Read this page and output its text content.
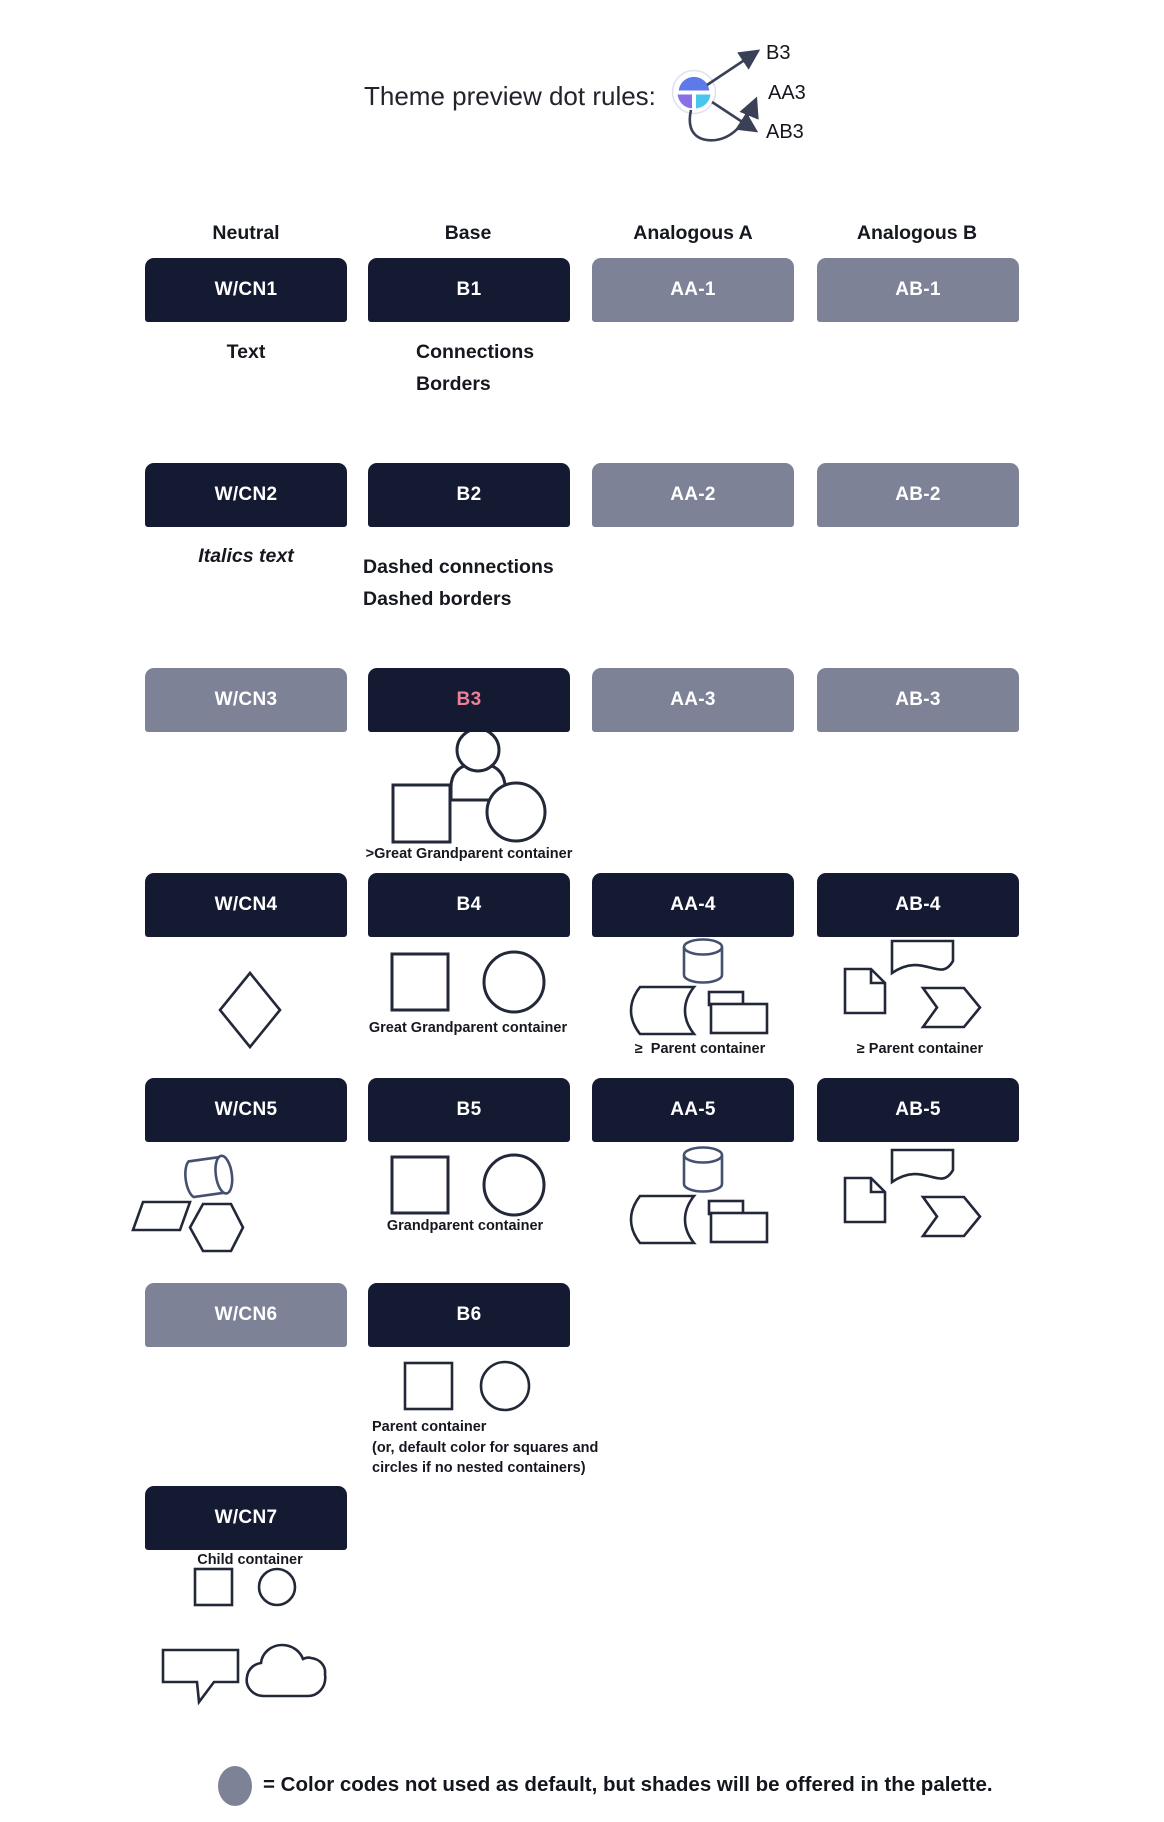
Theme preview dot rules:
B3
AA3
AB3
Neutral	Base	Analogous A	Analogous B
W/CN1	B1	AA-1	AB-1
Text	Connections
Borders
W/CN2	B2	AA-2	AB-2
Italics text	Dashed connections
Dashed borders
W/CN3	B3	AA-3	AB-3
>Great Grandparent container
W/CN4	B4	AA-4	AB-4
Great Grandparent container
≥  Parent container	≥ Parent container
W/CN5	B5	AA-5	AB-5
Grandparent container
W/CN6	B6
Parent container
(or, default color for squares and
circles if no nested containers)
W/CN7
Child container
= Color codes not used as default, but shades will be offered in the palette.
